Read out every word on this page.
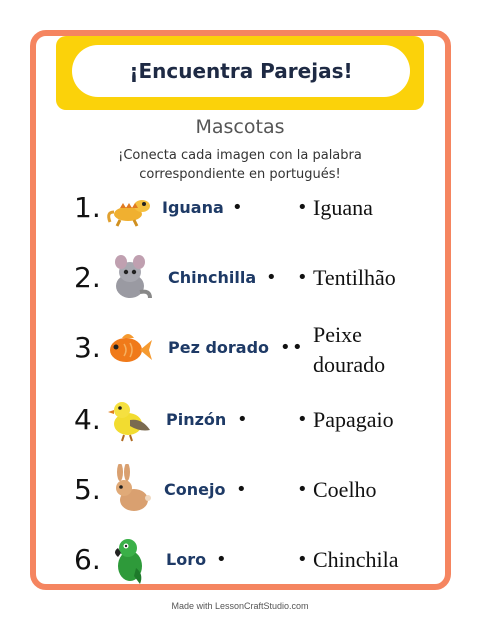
¡Encuentra Parejas!
Mascotas
¡Conecta cada imagen con la palabra correspondiente en portugués!
1.	Iguana •	• Iguana
2.	Chinchilla • • Tentilhão
3.	Pez dorado • •
Peixe
dourado
4.	Pinzón •	• Papagaio
5.	Conejo •	• Coelho
6.	Loro •	• Chinchila
Made with LessonCraftStudio.com
